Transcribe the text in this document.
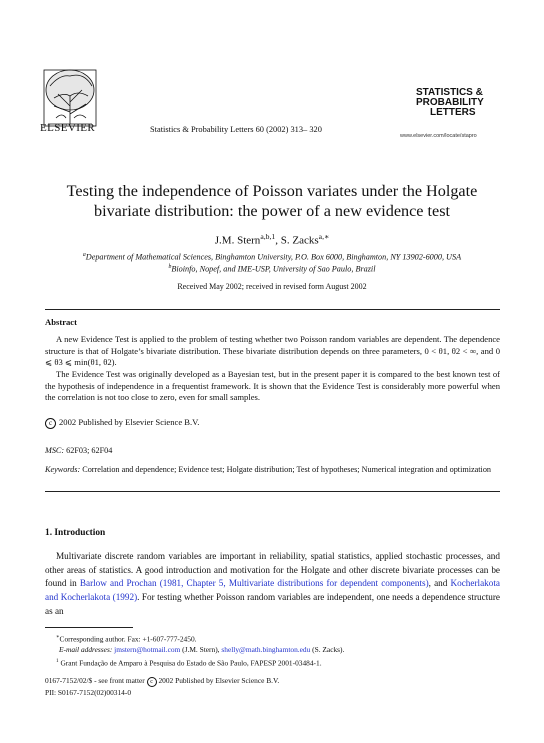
ELSEVIER	Statistics & Probability Letters 60 (2002) 313– 320
STATISTICS &
PROBABILITY
LETTERS
www.elsevier.com/locate/stapro
Testing the independence of Poisson variates under the Holgate
bivariate distribution: the power of a new evidence test
J.M. Stern$^{a,b,1}$, S. Zacks$^{a,∗}$
$^a$Department of Mathematical Sciences, Binghamton University, P.O. Box 6000, Binghamton, NY 13902-6000, USA
$^b$Bioinfo, Nopef, and IME-USP, University of Sao Paulo, Brazil
Received May 2002; received in revised form August 2002
Abstract

A new Evidence Test is applied to the problem of testing whether two Poisson random variables are dependent. The dependence structure is that of Holgate’s bivariate distribution. These bivariate distribution depends on three parameters, 0 < θ1, θ2 < ∞, and 0 ⩽ θ3 ⩽ min(θ1, θ2).

The Evidence Test was originally developed as a Bayesian test, but in the present paper it is compared to the best known test of the hypothesis of independence in a frequentist framework. It is shown that the Evidence Test is considerably more powerful when the correlation is not too close to zero, even for small samples.

c 2002 Published by Elsevier Science B.V.
MSC: 62F03; 62F04
Keywords: Correlation and dependence; Evidence test; Holgate distribution; Test of hypotheses; Numerical integration and optimization
1. Introduction

Multivariate discrete random variables are important in reliability, spatial statistics, applied stochastic processes, and other areas of statistics. A good introduction and motivation for the Holgate and other discrete bivariate processes can be found in Barlow and Prochan (1981, Chapter 5, Multivariate distributions for dependent components), and Kocherlakota and Kocherlakota (1992). For testing whether Poisson random variables are independent, one needs a dependence structure as an

∗Corresponding author. Fax: +1-607-777-2450.
E-mail addresses: jmstern@hotmail.com (J.M. Stern), shelly@math.binghamton.edu (S. Zacks).
$^1$ Grant Fundação de Amparo à Pesquisa do Estado de São Paulo, FAPESP 2001-03484-1.
0167-7152/02/$ - see front matter c 2002 Published by Elsevier Science B.V.
PII: S0167-7152(02)00314-0
